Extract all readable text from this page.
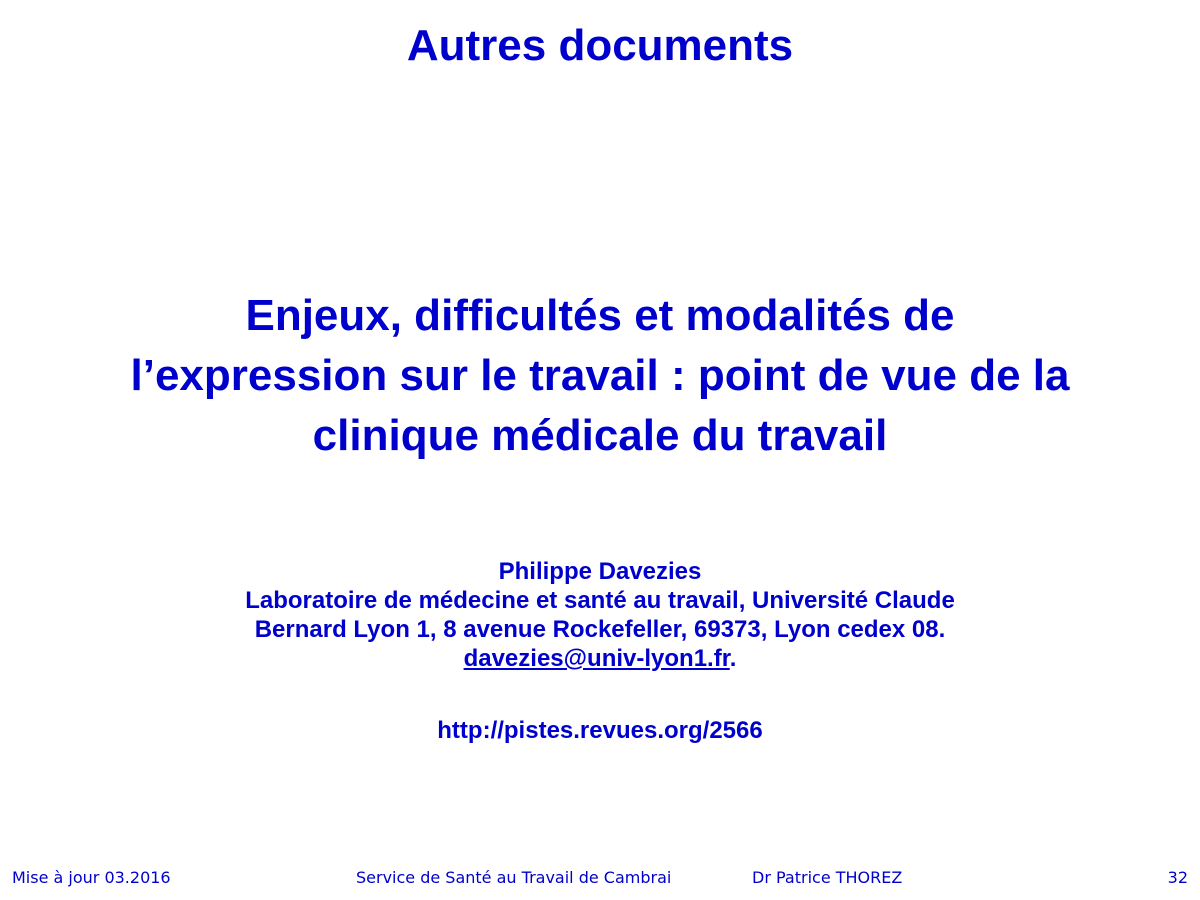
Autres documents
Enjeux, difficultés et modalités de
l’expression sur le travail : point de vue de la
clinique médicale du travail
Philippe Davezies
Laboratoire de médecine et santé au travail, Université Claude
Bernard Lyon 1, 8 avenue Rockefeller, 69373, Lyon cedex 08.
davezies@univ-lyon1.fr.
http://pistes.revues.org/2566
Mise à jour 03.2016	Service de Santé au Travail de Cambrai	Dr Patrice THOREZ	32
